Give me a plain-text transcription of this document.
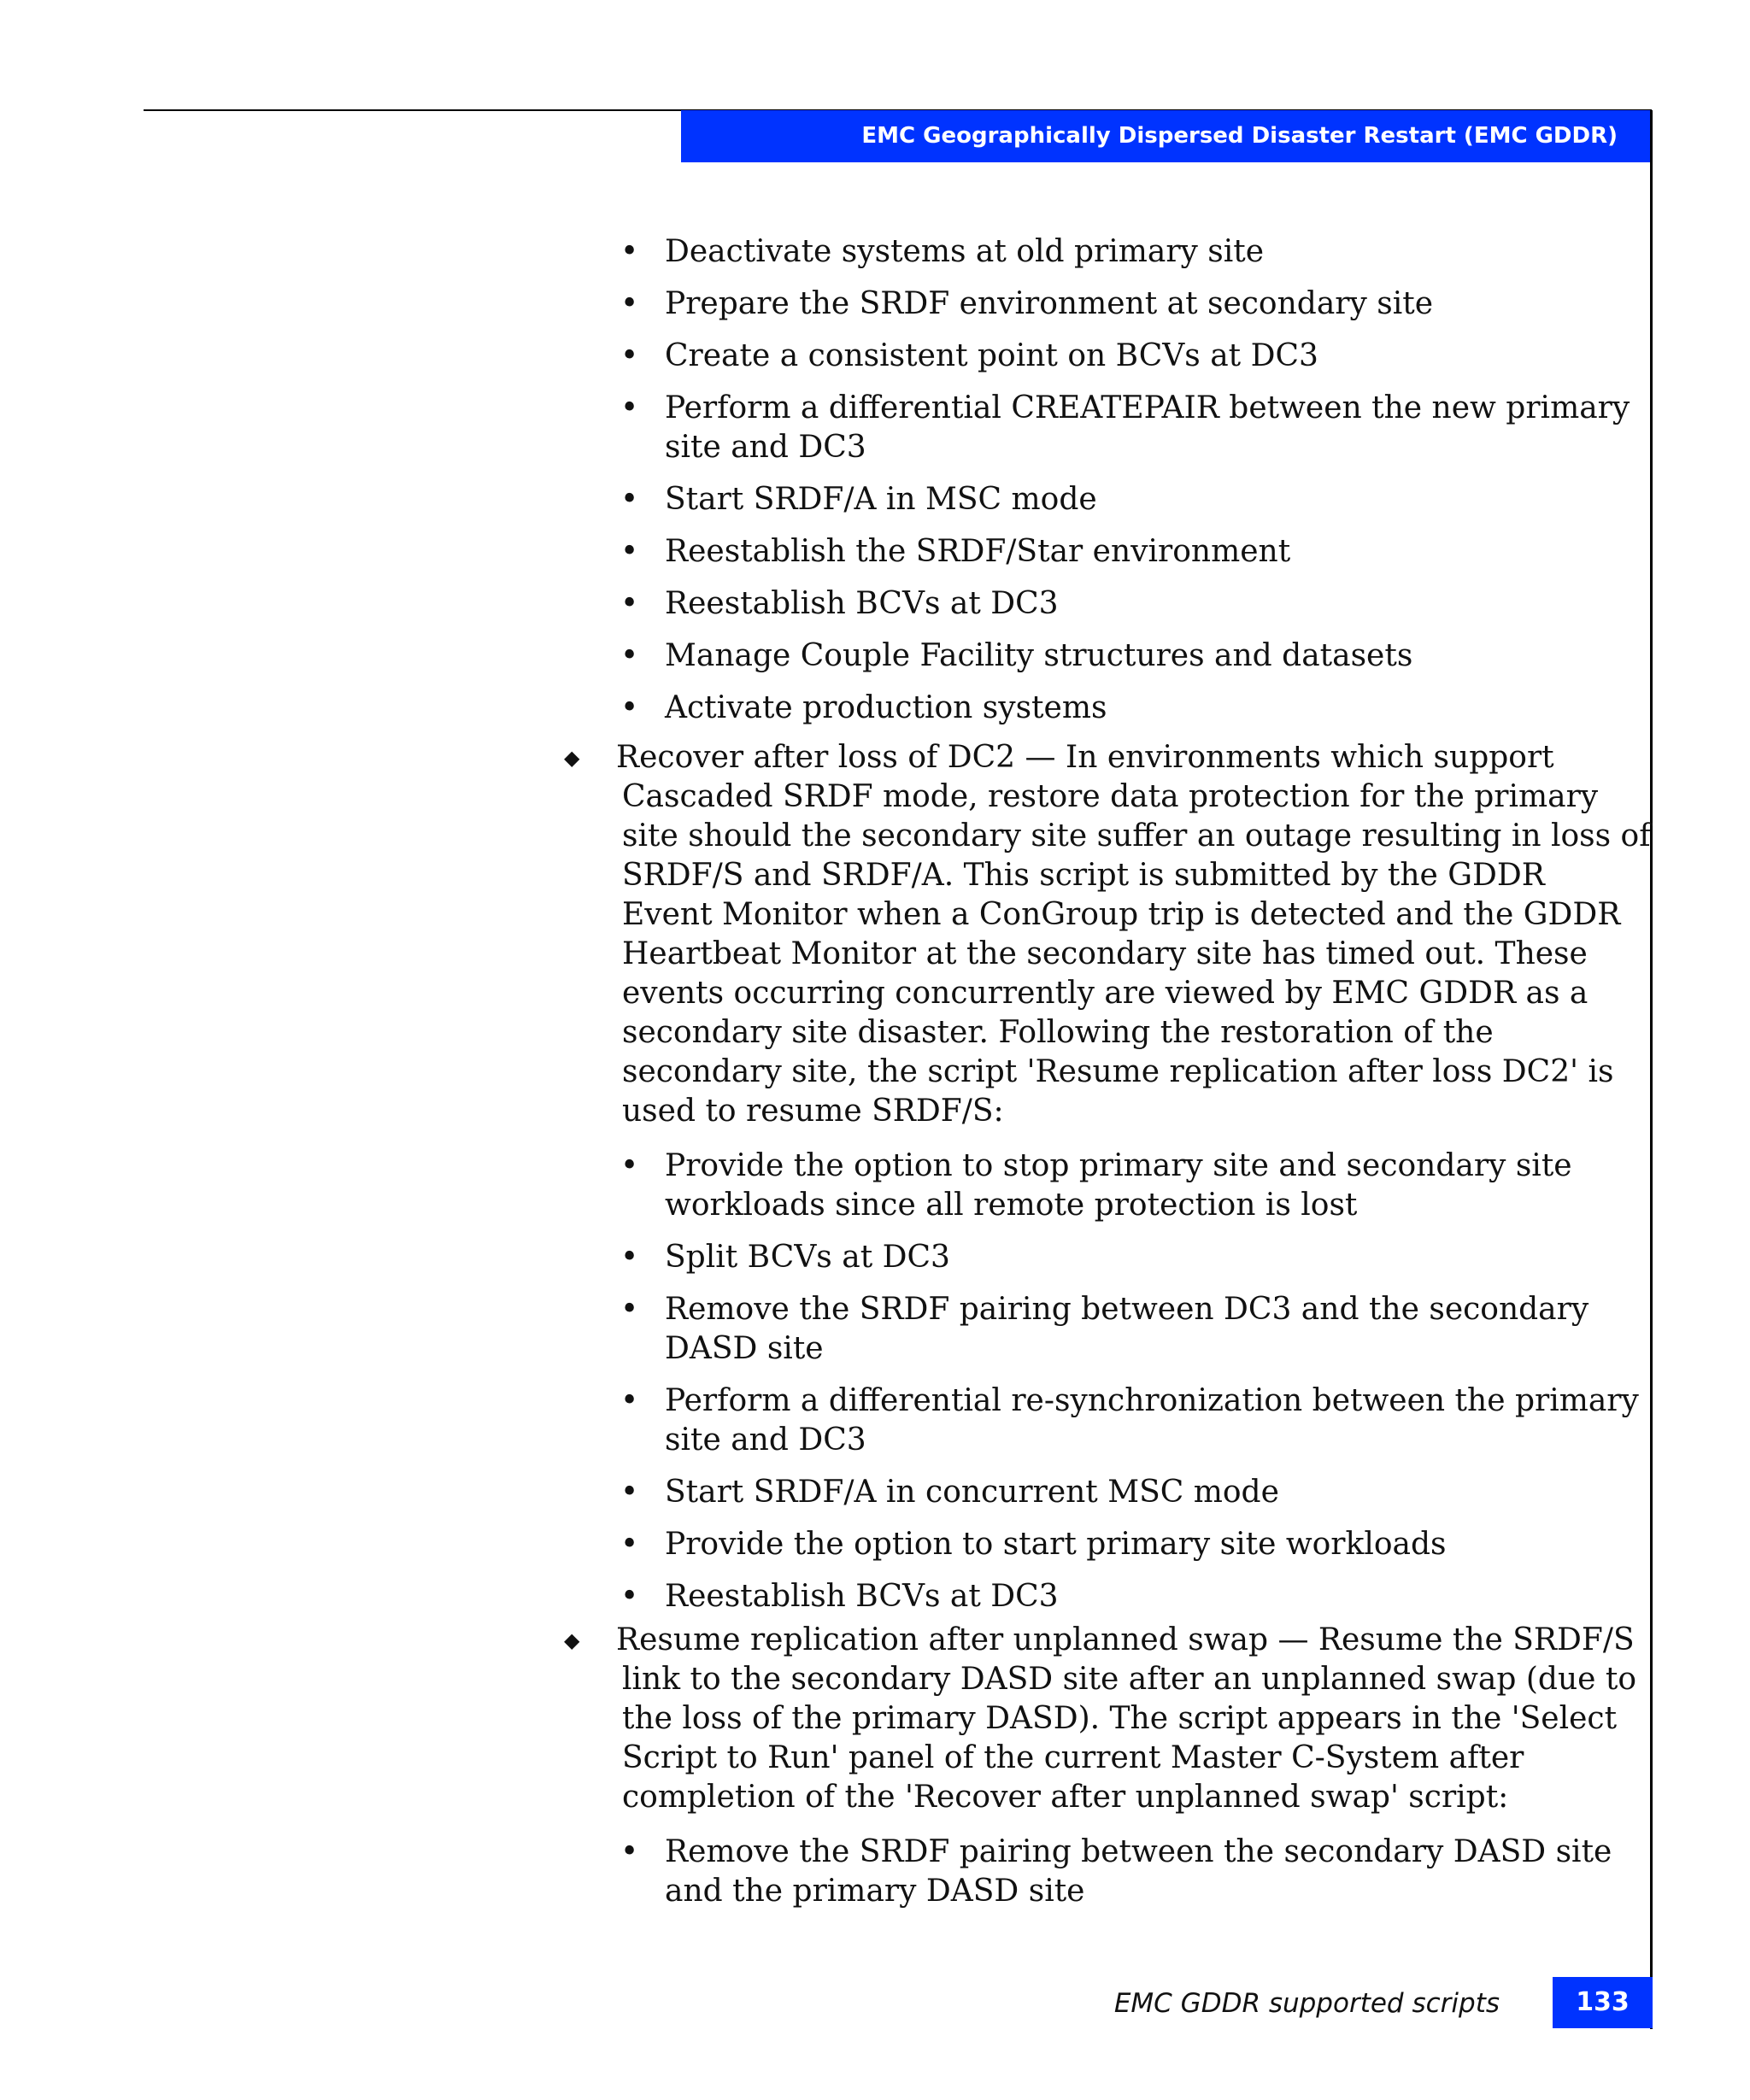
EMC Geographically Dispersed Disaster Restart (EMC GDDR)
• Deactivate systems at old primary site
• Prepare the SRDF environment at secondary site
• Create a consistent point on BCVs at DC3
• Perform a differential CREATEPAIR between the new primary
site and DC3
• Start SRDF/A in MSC mode
• Reestablish the SRDF/Star environment
• Reestablish BCVs at DC3
• Manage Couple Facility structures and datasets
• Activate production systems
◆ Recover after loss of DC2 — In environments which support
Cascaded SRDF mode, restore data protection for the primary
site should the secondary site suffer an outage resulting in loss of
SRDF/S and SRDF/A. This script is submitted by the GDDR
Event Monitor when a ConGroup trip is detected and the GDDR
Heartbeat Monitor at the secondary site has timed out. These
events occurring concurrently are viewed by EMC GDDR as a
secondary site disaster. Following the restoration of the
secondary site, the script 'Resume replication after loss DC2' is
used to resume SRDF/S:
• Provide the option to stop primary site and secondary site
workloads since all remote protection is lost
• Split BCVs at DC3
• Remove the SRDF pairing between DC3 and the secondary
DASD site
• Perform a differential re-synchronization between the primary
site and DC3
• Start SRDF/A in concurrent MSC mode
• Provide the option to start primary site workloads
• Reestablish BCVs at DC3
◆ Resume replication after unplanned swap — Resume the SRDF/S
link to the secondary DASD site after an unplanned swap (due to
the loss of the primary DASD). The script appears in the 'Select
Script to Run' panel of the current Master C-System after
completion of the 'Recover after unplanned swap' script:
• Remove the SRDF pairing between the secondary DASD site
and the primary DASD site
EMC GDDR supported scripts	133
